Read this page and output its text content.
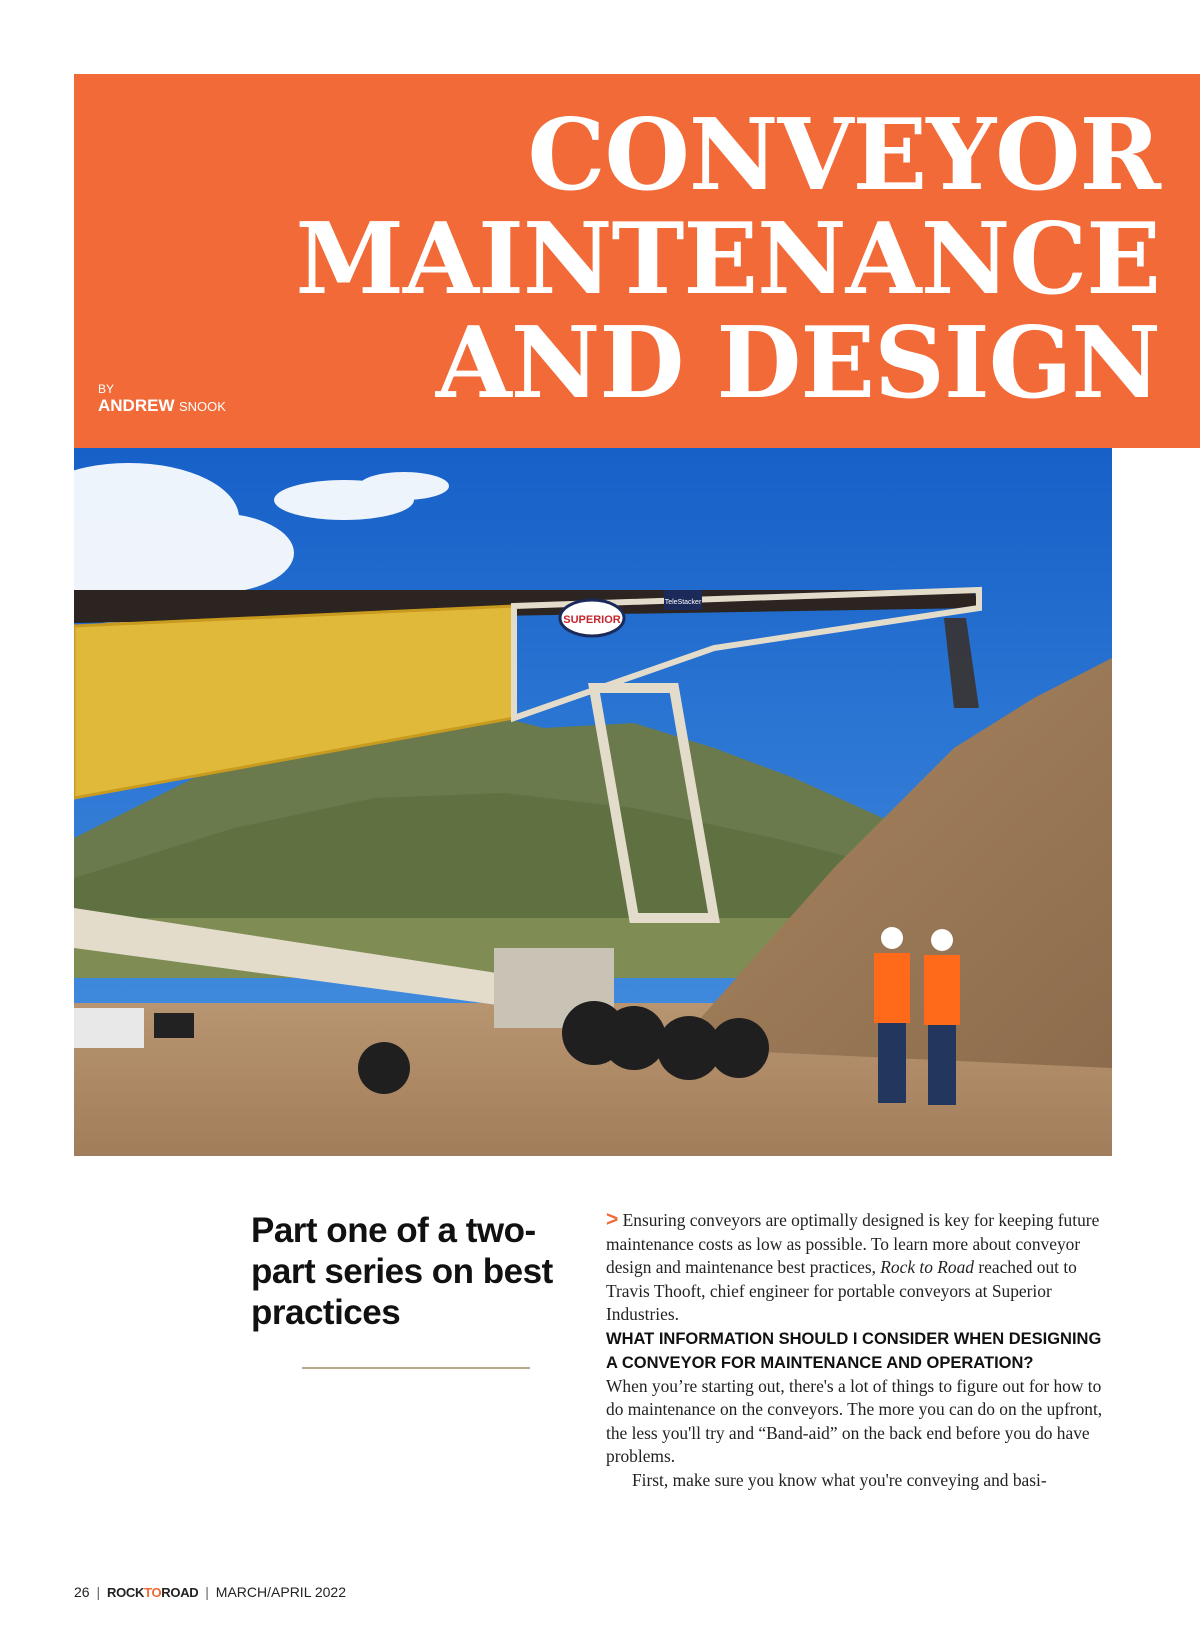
CONVEYOR
MAINTENANCE
AND DESIGN
BY
ANDREW SNOOK
SUPERIOR
TeleStacker
Part one of a two-part series on best practices

> Ensuring conveyors are optimally designed is key for keeping future maintenance costs as low as possible. To learn more about conveyor design and maintenance best practices, Rock to Road reached out to Travis Thooft, chief engineer for portable conveyors at Superior Industries.

WHAT INFORMATION SHOULD I CONSIDER WHEN DESIGNING A CONVEYOR FOR MAINTENANCE AND OPERATION?

When you’re starting out, there's a lot of things to figure out for how to do maintenance on the conveyors. The more you can do on the upfront, the less you'll try and “Band-aid” on the back end before you do have problems.

First, make sure you know what you're conveying and basi-

26 | ROCKTOROAD | MARCH/APRIL 2022
